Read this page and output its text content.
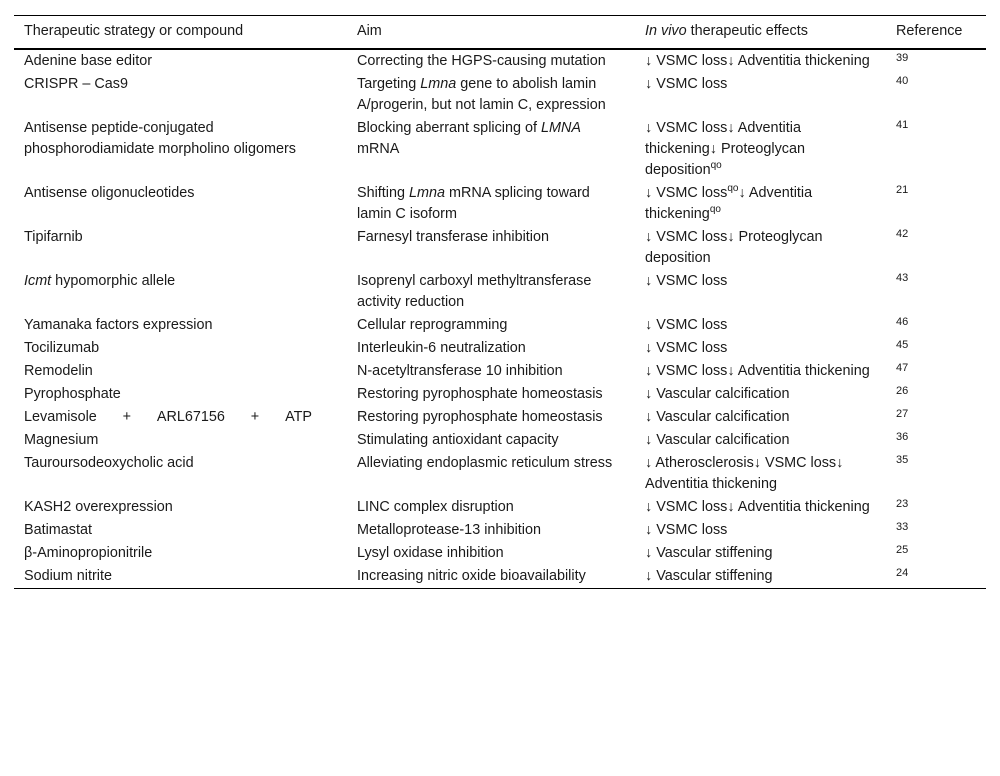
Therapeutic strategy or compound	Aim	In vivo therapeutic effects	Reference
Adenine base editor	Correcting the HGPS-causing mutation	↓ VSMC loss↓ Adventitia thickening	39
CRISPR – Cas9	Targeting Lmna gene to abolish lamin A/progerin, but not lamin C, expression	↓ VSMC loss	40
Antisense peptide-conjugated phosphorodiamidate morpholino oligomers	Blocking aberrant splicing of LMNA mRNA	↓ VSMC loss↓ Adventitia thickening↓ Proteoglycan deposition$^{qo}$	41
Antisense oligonucleotides	Shifting Lmna mRNA splicing toward lamin C isoform	↓ VSMC loss$^{qo}$↓ Adventitia thickening$^{qo}$	21
Tipifarnib	Farnesyl transferase inhibition	↓ VSMC loss↓ Proteoglycan deposition	42
Icmt hypomorphic allele	Isoprenyl carboxyl methyltransferase activity reduction	↓ VSMC loss	43
Yamanaka factors expression	Cellular reprogramming	↓ VSMC loss	46
Tocilizumab	Interleukin-6 neutralization	↓ VSMC loss	45
Remodelin	N-acetyltransferase 10 inhibition	↓ VSMC loss↓ Adventitia thickening	47
Pyrophosphate	Restoring pyrophosphate homeostasis	↓ Vascular calcification	26

Levamisole + ARL67156 + ATP	Restoring pyrophosphate homeostasis	↓ Vascular calcification	27
Magnesium	Stimulating antioxidant capacity	↓ Vascular calcification	36
Tauroursodeoxycholic acid	Alleviating endoplasmic reticulum stress	↓ Atherosclerosis↓ VSMC loss↓ Adventitia thickening	35
KASH2 overexpression	LINC complex disruption	↓ VSMC loss↓ Adventitia thickening	23
Batimastat	Metalloprotease-13 inhibition	↓ VSMC loss	33
β-Aminopropionitrile	Lysyl oxidase inhibition	↓ Vascular stiffening	25
Sodium nitrite	Increasing nitric oxide bioavailability	↓ Vascular stiffening	24
